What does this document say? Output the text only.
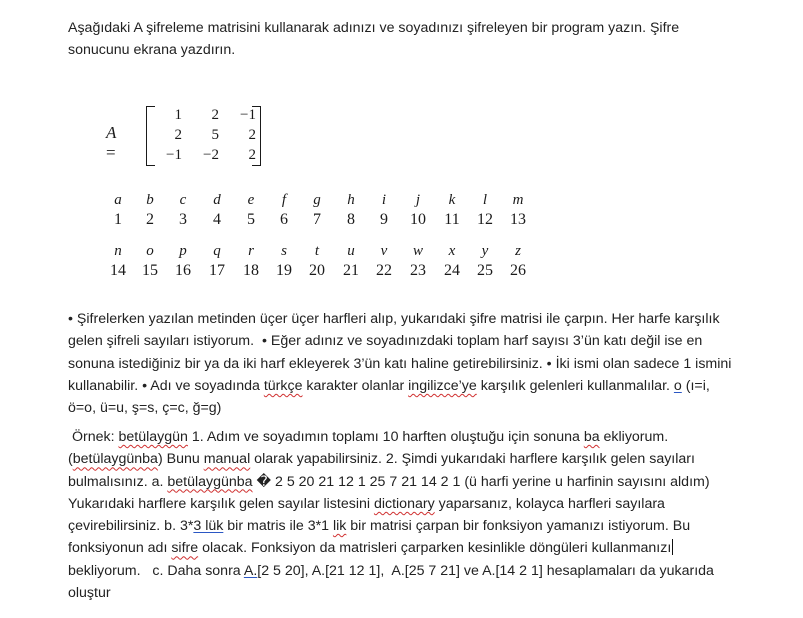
Aşağıdaki A şifreleme matrisini kullanarak adınızı ve soyadınızı şifreleyen bir program yazın. Şifre sonucunu ekrana yazdırın.
A =
1	2	−1
2	5	2
−1	−2	2
a	b	c	d	e	f	g	h	i	j	k	l	m
1	2	3	4	5	6	7	8	9	10	11	12	13
n	o	p	q	r	s	t	u	v	w	x	y	z
14	15	16	17	18	19	20	21	22	23	24	25	26
• Şifrelerken yazılan metinden üçer üçer harfleri alıp, yukarıdaki şifre matrisi ile çarpın. Her harfe karşılık gelen şifreli sayıları istiyorum.  • Eğer adınız ve soyadınızdaki toplam harf sayısı 3’ün katı değil ise en sonuna istediğiniz bir ya da iki harf ekleyerek 3’ün katı haline getirebilirsiniz. • İki ismi olan sadece 1 ismini kullanabilir. • Adı ve soyadında türkçe karakter olanlar ingilizce’ye karşılık gelenleri kullanmalılar. o (ı=i, ö=o, ü=u, ş=s, ç=c, ğ=g)
Örnek: betülaygün 1. Adım ve soyadımın toplamı 10 harften oluştuğu için sonuna ba ekliyorum. (betülaygünba) Bunu manual olarak yapabilirsiniz. 2. Şimdi yukarıdaki harflere karşılık gelen sayıları bulmalısınız. a. betülaygünba � 2 5 20 21 12 1 25 7 21 14 2 1 (ü harfi yerine u harfinin sayısını aldım) Yukarıdaki harflere karşılık gelen sayılar listesini dictionary yaparsanız, kolayca harfleri sayılara çevirebilirsiniz. b. 3*3 lük bir matris ile 3*1 lik bir matrisi çarpan bir fonksiyon yamanızı istiyorum. Bu fonksiyonun adı sifre olacak. Fonksiyon da matrisleri çarparken kesinlikle döngüleri kullanmanızı bekliyorum.   c. Daha sonra A.[2 5 20], A.[21 12 1],  A.[25 7 21] ve A.[14 2 1] hesaplamaları da yukarıda oluştur
